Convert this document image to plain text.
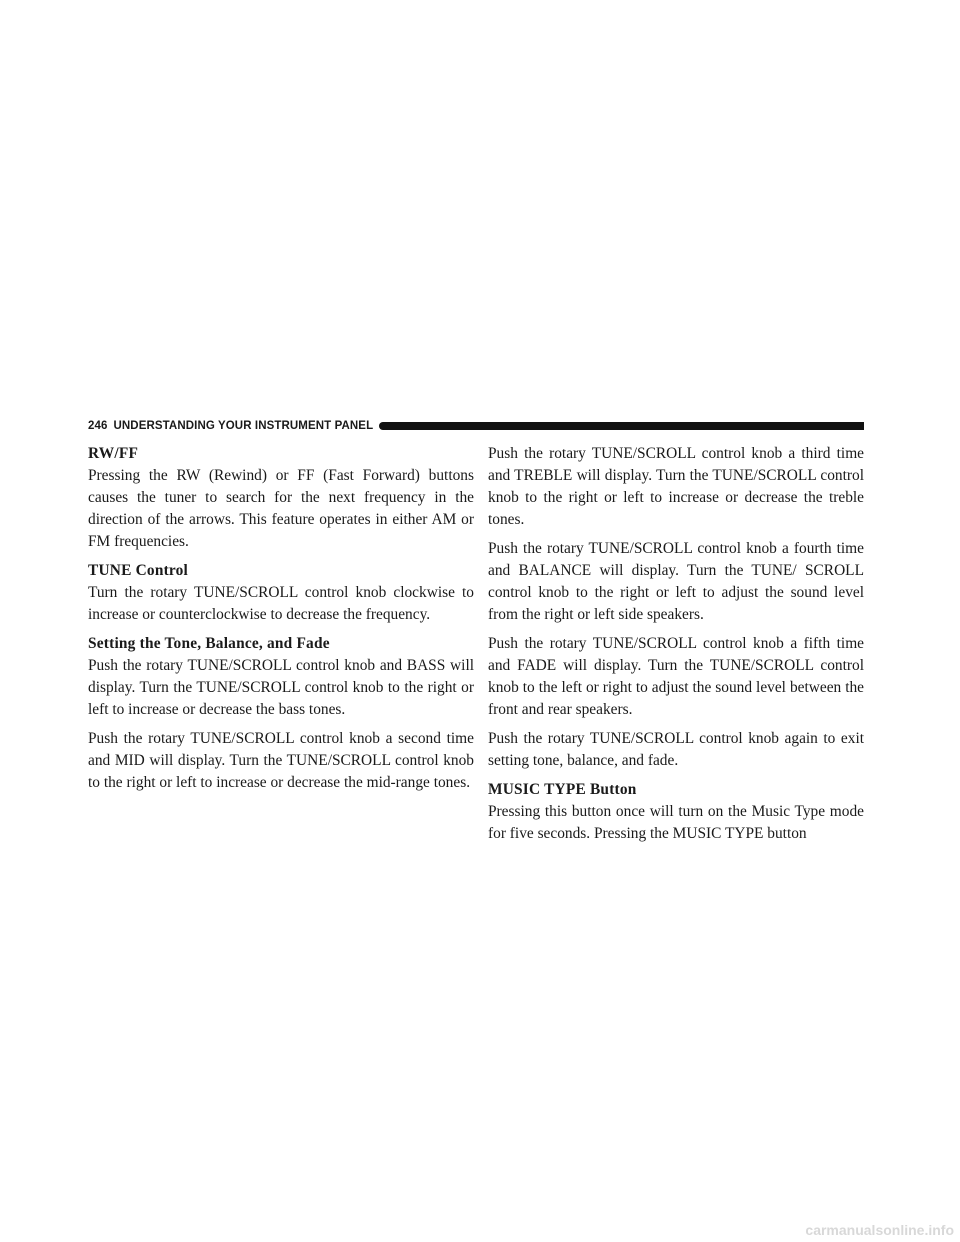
246 UNDERSTANDING YOUR INSTRUMENT PANEL

RW/FF

Pressing the RW (Rewind) or FF (Fast Forward) buttons causes the tuner to search for the next frequency in the direction of the arrows. This feature operates in either AM or FM frequencies.

TUNE Control

Turn the rotary TUNE/SCROLL control knob clockwise to increase or counterclockwise to decrease the frequency.

Setting the Tone, Balance, and Fade

Push the rotary TUNE/SCROLL control knob and BASS will display. Turn the TUNE/SCROLL control knob to the right or left to increase or decrease the bass tones.

Push the rotary TUNE/SCROLL control knob a second time and MID will display. Turn the TUNE/SCROLL control knob to the right or left to increase or decrease the mid-range tones.

Push the rotary TUNE/SCROLL control knob a third time and TREBLE will display. Turn the TUNE/SCROLL control knob to the right or left to increase or decrease the treble tones.

Push the rotary TUNE/SCROLL control knob a fourth time and BALANCE will display. Turn the TUNE/ SCROLL control knob to the right or left to adjust the sound level from the right or left side speakers.

Push the rotary TUNE/SCROLL control knob a fifth time and FADE will display. Turn the TUNE/SCROLL control knob to the left or right to adjust the sound level between the front and rear speakers.

Push the rotary TUNE/SCROLL control knob again to exit setting tone, balance, and fade.

MUSIC TYPE Button

Pressing this button once will turn on the Music Type mode for five seconds. Pressing the MUSIC TYPE button

carmanualsonline.info
